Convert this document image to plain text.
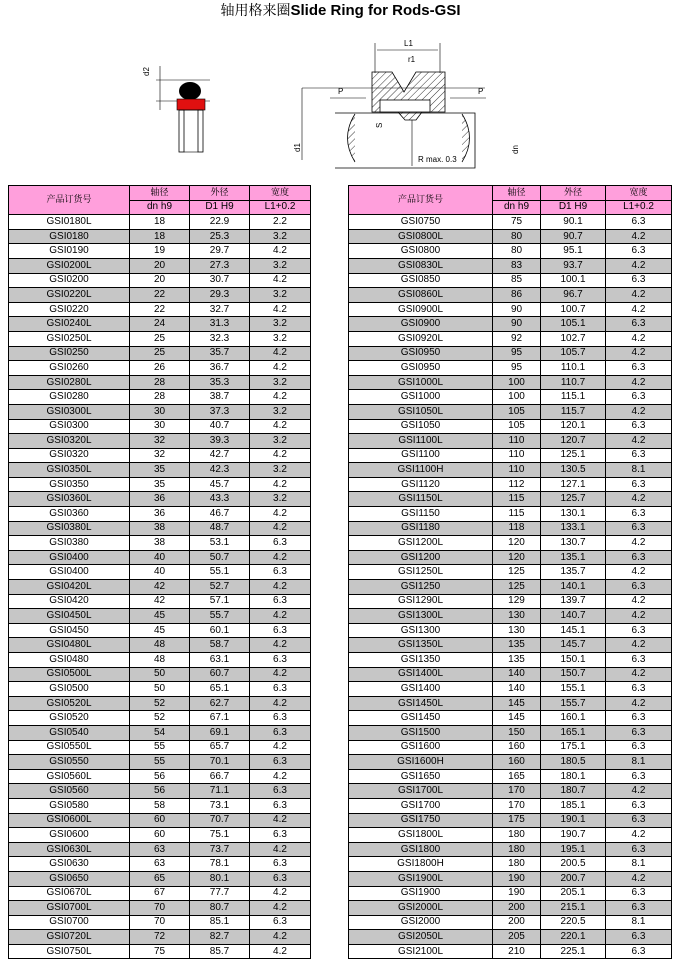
轴用格来圈Slide Ring for Rods-GSI
d2
L1
r1
P	P
S
R max. 0.3
d1	dn
产品订货号	轴径	外径	宽度
	dn h9	D1 H9	L1+0.2
GSI0180L	18	22.9	2.2
GSI0180	18	25.3	3.2
GSI0190	19	29.7	4.2
GSI0200L	20	27.3	3.2
GSI0200	20	30.7	4.2
GSI0220L	22	29.3	3.2
GSI0220	22	32.7	4.2
GSI0240L	24	31.3	3.2
GSI0250L	25	32.3	3.2
GSI0250	25	35.7	4.2
GSI0260	26	36.7	4.2
GSI0280L	28	35.3	3.2
GSI0280	28	38.7	4.2
GSI0300L	30	37.3	3.2
GSI0300	30	40.7	4.2
GSI0320L	32	39.3	3.2
GSI0320	32	42.7	4.2
GSI0350L	35	42.3	3.2
GSI0350	35	45.7	4.2
GSI0360L	36	43.3	3.2
GSI0360	36	46.7	4.2
GSI0380L	38	48.7	4.2
GSI0380	38	53.1	6.3
GSI0400	40	50.7	4.2
GSI0400	40	55.1	6.3
GSI0420L	42	52.7	4.2
GSI0420	42	57.1	6.3
GSI0450L	45	55.7	4.2
GSI0450	45	60.1	6.3
GSI0480L	48	58.7	4.2
GSI0480	48	63.1	6.3
GSI0500L	50	60.7	4.2
GSI0500	50	65.1	6.3
GSI0520L	52	62.7	4.2
GSI0520	52	67.1	6.3
GSI0540	54	69.1	6.3
GSI0550L	55	65.7	4.2
GSI0550	55	70.1	6.3
GSI0560L	56	66.7	4.2
GSI0560	56	71.1	6.3
GSI0580	58	73.1	6.3
GSI0600L	60	70.7	4.2
GSI0600	60	75.1	6.3
GSI0630L	63	73.7	4.2
GSI0630	63	78.1	6.3
GSI0650	65	80.1	6.3
GSI0670L	67	77.7	4.2
GSI0700L	70	80.7	4.2
GSI0700	70	85.1	6.3
GSI0720L	72	82.7	4.2
GSI0750L	75	85.7	4.2
产品订货号	轴径	外径	宽度
	dn h9	D1 H9	L1+0.2
GSI0750	75	90.1	6.3
GSI0800L	80	90.7	4.2
GSI0800	80	95.1	6.3
GSI0830L	83	93.7	4.2
GSI0850	85	100.1	6.3
GSI0860L	86	96.7	4.2
GSI0900L	90	100.7	4.2
GSI0900	90	105.1	6.3
GSI0920L	92	102.7	4.2
GSI0950	95	105.7	4.2
GSI0950	95	110.1	6.3
GSI1000L	100	110.7	4.2
GSI1000	100	115.1	6.3
GSI1050L	105	115.7	4.2
GSI1050	105	120.1	6.3
GSI1100L	110	120.7	4.2
GSI1100	110	125.1	6.3
GSI1100H	110	130.5	8.1
GSI1120	112	127.1	6.3
GSI1150L	115	125.7	4.2
GSI1150	115	130.1	6.3
GSI1180	118	133.1	6.3
GSI1200L	120	130.7	4.2
GSI1200	120	135.1	6.3
GSI1250L	125	135.7	4.2
GSI1250	125	140.1	6.3
GSI1290L	129	139.7	4.2
GSI1300L	130	140.7	4.2
GSI1300	130	145.1	6.3
GSI1350L	135	145.7	4.2
GSI1350	135	150.1	6.3
GSI1400L	140	150.7	4.2
GSI1400	140	155.1	6.3
GSI1450L	145	155.7	4.2
GSI1450	145	160.1	6.3
GSI1500	150	165.1	6.3
GSI1600	160	175.1	6.3
GSI1600H	160	180.5	8.1
GSI1650	165	180.1	6.3
GSI1700L	170	180.7	4.2
GSI1700	170	185.1	6.3
GSI1750	175	190.1	6.3
GSI1800L	180	190.7	4.2
GSI1800	180	195.1	6.3
GSI1800H	180	200.5	8.1
GSI1900L	190	200.7	4.2
GSI1900	190	205.1	6.3
GSI2000L	200	215.1	6.3
GSI2000	200	220.5	8.1
GSI2050L	205	220.1	6.3
GSI2100L	210	225.1	6.3
